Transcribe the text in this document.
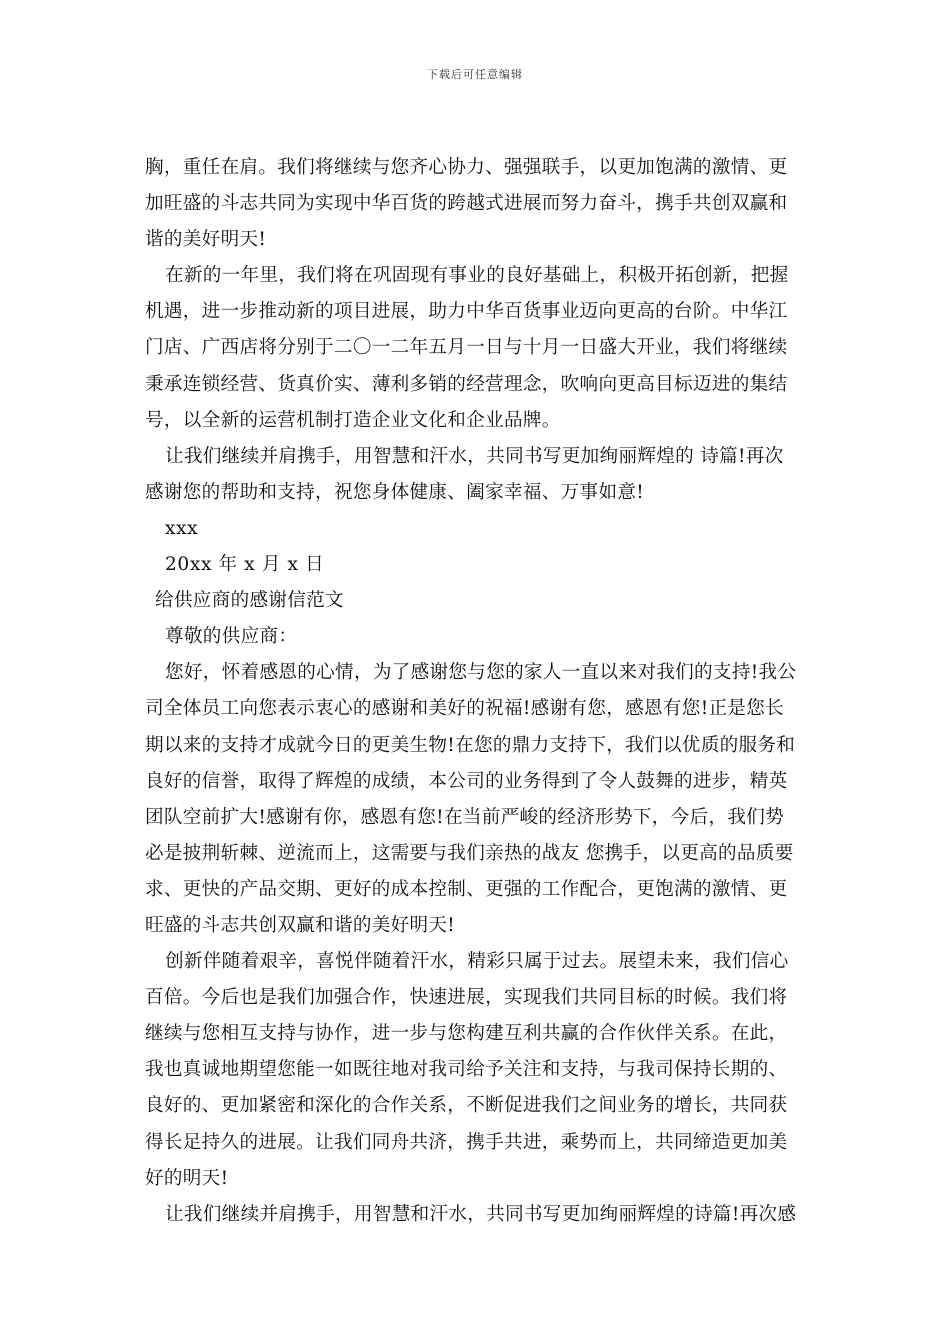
下载后可任意编辑
胸，重任在肩。我们将继续与您齐心协力、强强联手，以更加饱满的激情、更
加旺盛的斗志共同为实现中华百货的跨越式进展而努力奋斗，携手共创双赢和
谐的美好明天!
在新的一年里，我们将在巩固现有事业的良好基础上，积极开拓创新，把握
机遇，进一步推动新的项目进展，助力中华百货事业迈向更高的台阶。中华江
门店、广西店将分别于二〇一二年五月一日与十月一日盛大开业，我们将继续
秉承连锁经营、货真价实、薄利多销的经营理念，吹响向更高目标迈进的集结
号，以全新的运营机制打造企业文化和企业品牌。
让我们继续并肩携手，用智慧和汗水，共同书写更加绚丽辉煌的 诗篇!再次
感谢您的帮助和支持，祝您身体健康、阖家幸福、万事如意!
xxx
20xx 年 x 月 x 日
给供应商的感谢信范文
尊敬的供应商：
您好，怀着感恩的心情，为了感谢您与您的家人一直以来对我们的支持!我公
司全体员工向您表示衷心的感谢和美好的祝福!感谢有您，感恩有您!正是您长
期以来的支持才成就今日的更美生物!在您的鼎力支持下，我们以优质的服务和
良好的信誉，取得了辉煌的成绩，本公司的业务得到了令人鼓舞的进步，精英
团队空前扩大!感谢有你，感恩有您!在当前严峻的经济形势下，今后，我们势
必是披荆斩棘、逆流而上，这需要与我们亲热的战友 您携手，以更高的品质要
求、更快的产品交期、更好的成本控制、更强的工作配合，更饱满的激情、更
旺盛的斗志共创双赢和谐的美好明天!
创新伴随着艰辛，喜悦伴随着汗水，精彩只属于过去。展望未来，我们信心
百倍。今后也是我们加强合作，快速进展，实现我们共同目标的时候。我们将
继续与您相互支持与协作，进一步与您构建互利共赢的合作伙伴关系。在此，
我也真诚地期望您能一如既往地对我司给予关注和支持，与我司保持长期的、
良好的、更加紧密和深化的合作关系，不断促进我们之间业务的增长，共同获
得长足持久的进展。让我们同舟共济，携手共进，乘势而上，共同缔造更加美
好的明天!
让我们继续并肩携手，用智慧和汗水，共同书写更加绚丽辉煌的诗篇!再次感
